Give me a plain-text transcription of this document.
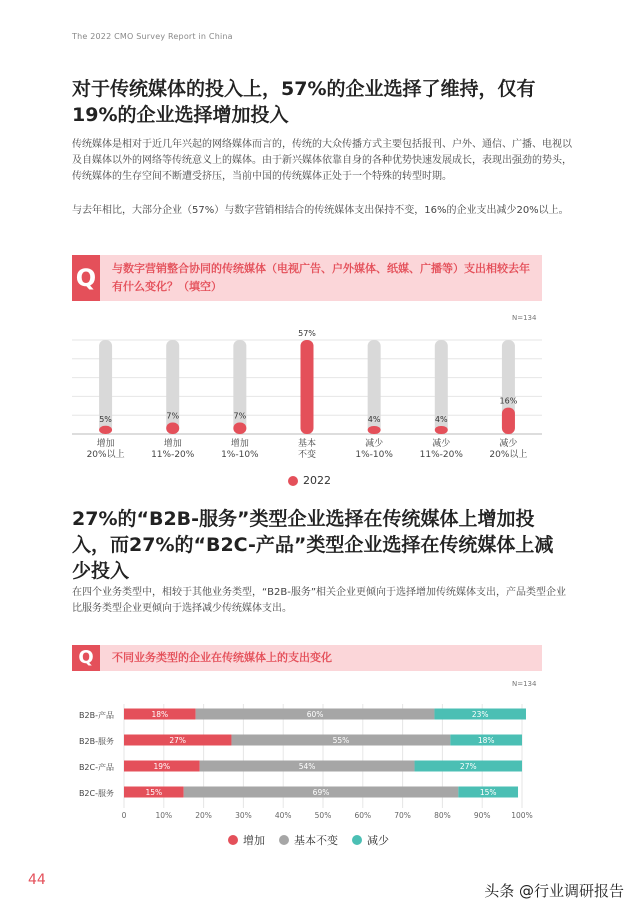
The 2022 CMO Survey Report in China
对于传统媒体的投入上，57%的企业选择了维持，仅有19%的企业选择增加投入
传统媒体是相对于近几年兴起的网络媒体而言的，传统的大众传播方式主要包括报刊、户外、通信、广播、电视以及自媒体以外的网络等传统意义上的媒体。由于新兴媒体依靠自身的各种优势快速发展成长，表现出强劲的势头，传统媒体的生存空间不断遭受挤压，当前中国的传统媒体正处于一个特殊的转型时期。
与去年相比，大部分企业（57%）与数字营销相结合的传统媒体支出保持不变，16%的企业支出减少20%以上。
Q	与数字营销整合协同的传统媒体（电视广告、户外媒体、纸媒、广播等）支出相较去年有什么变化？（填空）
N=134
5%
增加
20%以上
7%
增加
11%-20%
7%
增加
1%-10%
57%
基本
不变
4%
减少
1%-10%
4%
减少
11%-20%
16%
减少
20%以上
2022
27%的“B2B-服务”类型企业选择在传统媒体上增加投入，而27%的“B2C-产品”类型企业选择在传统媒体上减少投入
在四个业务类型中，相较于其他业务类型，“B2B-服务”相关企业更倾向于选择增加传统媒体支出，产品类型企业比服务类型企业更倾向于选择减少传统媒体支出。
Q	不同业务类型的企业在传统媒体上的支出变化
N=134
0	10%	20%	30%	40%	50%	60%	70%	80%	90%	100%
B2B-产品	18%	60%	23%
B2B-服务	27%	55%	18%
B2C-产品	19%	54%	27%
B2C-服务	15%	69%	15%
增加	基本不变	减少
44
头条 @行业调研报告
